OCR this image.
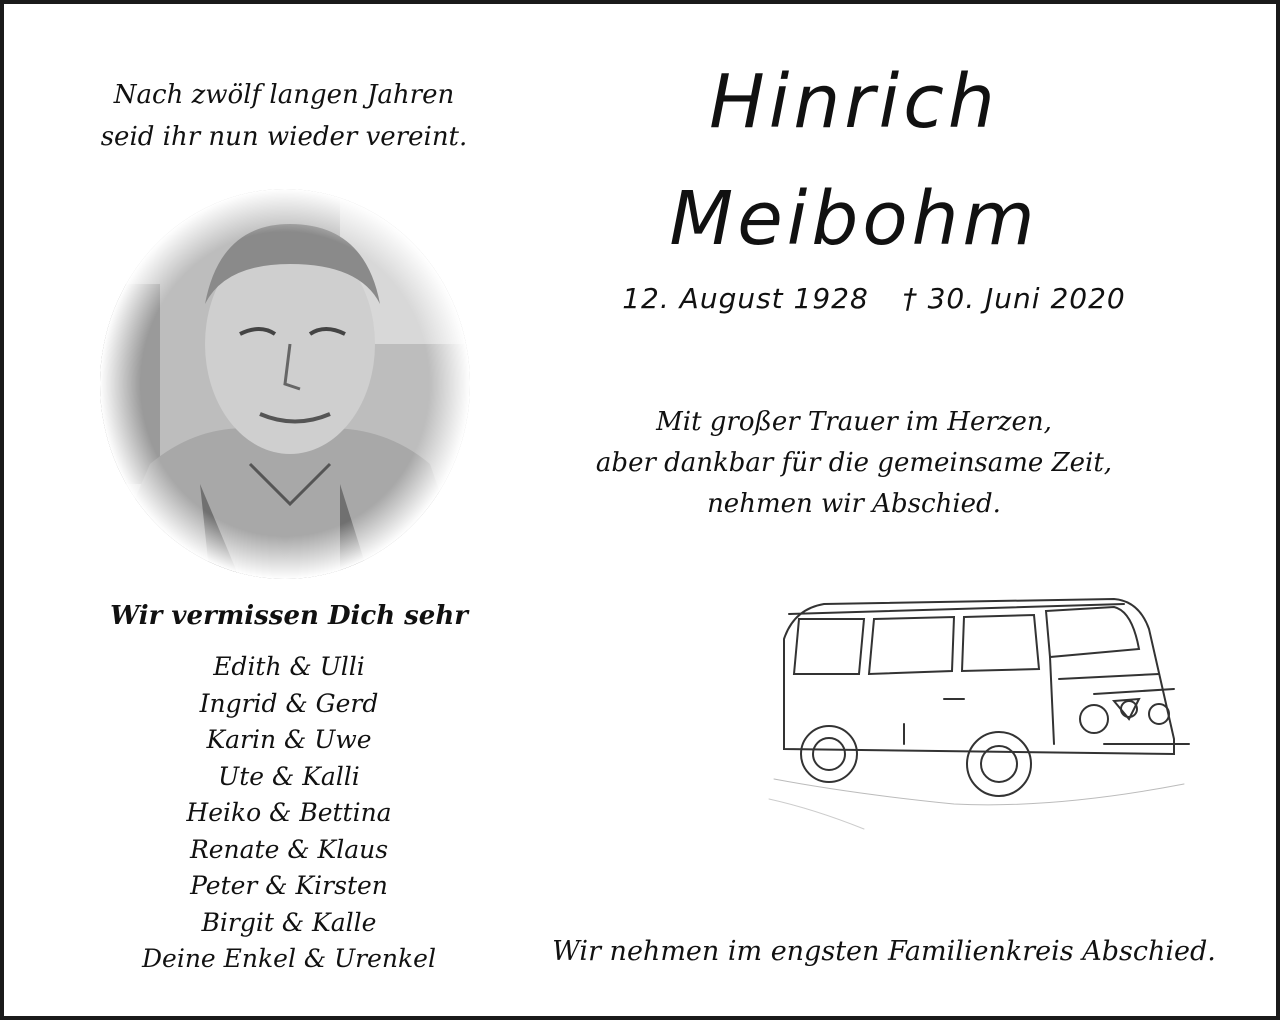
Nach zwölf langen Jahren
seid ihr nun wieder vereint.
Wir vermissen Dich sehr
Edith & Ulli
Ingrid & Gerd
Karin & Uwe
Ute & Kalli
Heiko & Bettina
Renate & Klaus
Peter & Kirsten
Birgit & Kalle
Deine Enkel & Urenkel
Hinrich
Meibohm
12. August 1928 † 30. Juni 2020
Mit großer Trauer im Herzen,
aber dankbar für die gemeinsame Zeit,
nehmen wir Abschied.
Wir nehmen im engsten Familienkreis Abschied.
